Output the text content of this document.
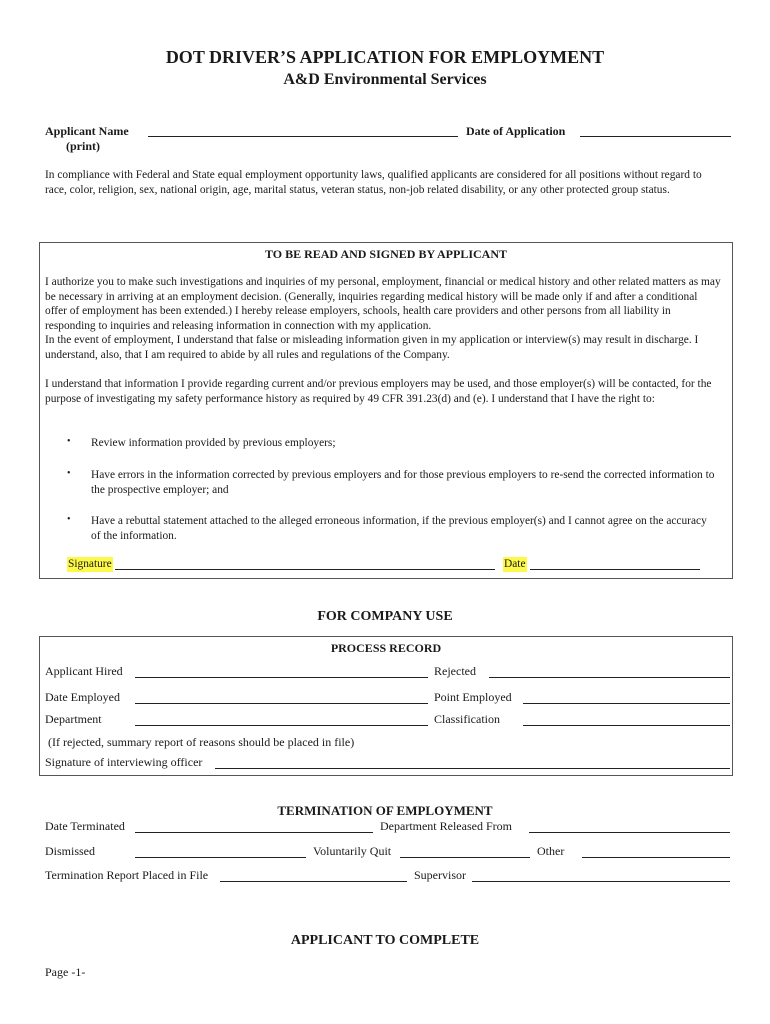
DOT DRIVER’S APPLICATION FOR EMPLOYMENT
A&D Environmental Services
Applicant Name
(print)
Date of Application
In compliance with Federal and State equal employment opportunity laws, qualified applicants are considered for all positions without regard to race, color, religion, sex, national origin, age, marital status, veteran status, non-job related disability, or any other protected group status.
TO BE READ AND SIGNED BY APPLICANT
I authorize you to make such investigations and inquiries of my personal, employment, financial or medical history and other related matters as may be necessary in arriving at an employment decision. (Generally, inquiries regarding medical history will be made only if and after a conditional offer of employment has been extended.) I hereby release employers, schools, health care providers and other persons from all liability in responding to inquiries and releasing information in connection with my application.
In the event of employment, I understand that false or misleading information given in my application or interview(s) may result in discharge. I understand, also, that I am required to abide by all rules and regulations of the Company.
I understand that information I provide regarding current and/or previous employers may be used, and those employer(s) will be contacted, for the purpose of investigating my safety performance history as required by 49 CFR 391.23(d) and (e). I understand that I have the right to:
• Review information provided by previous employers;
• Have errors in the information corrected by previous employers and for those previous employers to re-send the corrected information to the prospective employer; and
• Have a rebuttal statement attached to the alleged erroneous information, if the previous employer(s) and I cannot agree on the accuracy of the information.
Signature	Date
FOR COMPANY USE
PROCESS RECORD
Applicant Hired	Rejected
Date Employed	Point Employed
Department	Classification
(If rejected, summary report of reasons should be placed in file)
Signature of interviewing officer
TERMINATION OF EMPLOYMENT
Date Terminated	Department Released From
Dismissed	Voluntarily Quit	Other
Termination Report Placed in File	Supervisor
APPLICANT TO COMPLETE
Page -1-
